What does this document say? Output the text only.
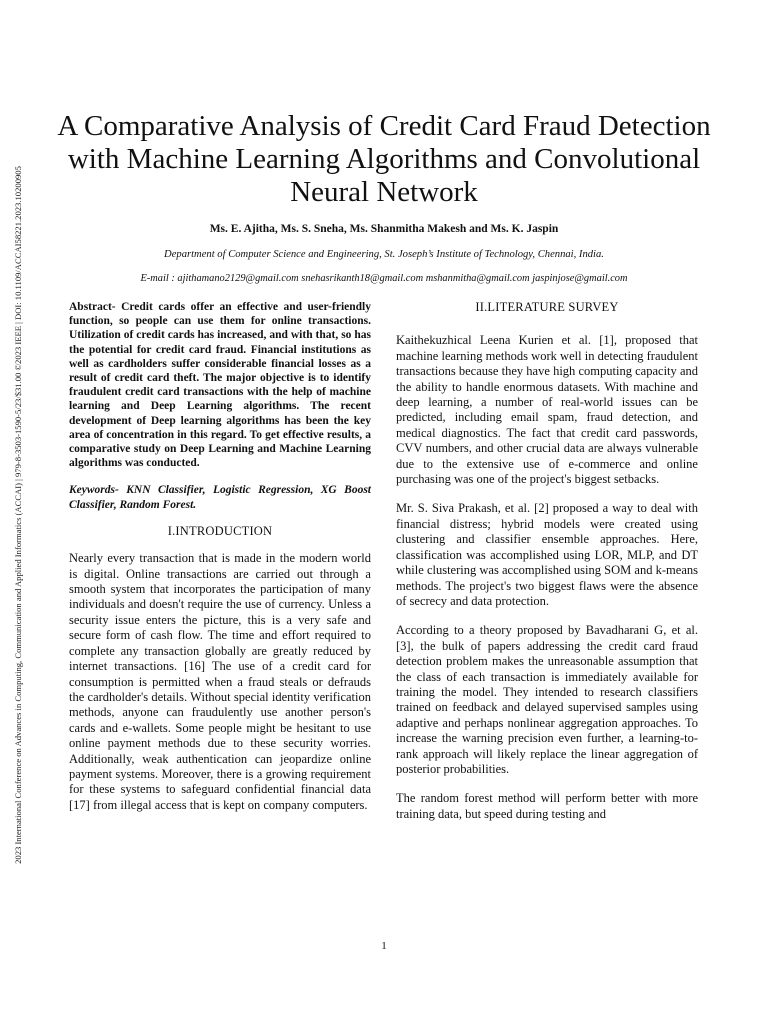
2023 International Conference on Advances in Computing, Communication and Applied Informatics (ACCAI) | 979-8-3503-1590-5/23/$31.00 ©2023 IEEE | DOI: 10.1109/ACCAI58221.2023.10200905
A Comparative Analysis of Credit Card Fraud Detection with Machine Learning Algorithms and Convolutional Neural Network
Ms. E. Ajitha, Ms. S. Sneha, Ms. Shanmitha Makesh and Ms. K. Jaspin
Department of Computer Science and Engineering, St. Joseph’s Institute of Technology, Chennai, India.
E-mail : ajithamano2129@gmail.com snehasrikanth18@gmail.com mshanmitha@gmail.com jaspinjose@gmail.com

Abstract- Credit cards offer an effective and user-friendly function, so people can use them for online transactions. Utilization of credit cards has increased, and with that, so has the potential for credit card fraud. Financial institutions as well as cardholders suffer considerable financial losses as a result of credit card theft. The major objective is to identify fraudulent credit card transactions with the help of machine learning and Deep Learning algorithms. The recent development of Deep learning algorithms has been the key area of concentration in this regard. To get effective results, a comparative study on Deep Learning and Machine Learning algorithms was conducted.

Keywords- KNN Classifier, Logistic Regression, XG Boost Classifier, Random Forest.

I.INTRODUCTION

Nearly every transaction that is made in the modern world is digital. Online transactions are carried out through a smooth system that incorporates the participation of many individuals and doesn't require the use of currency. Unless a security issue enters the picture, this is a very safe and secure form of cash flow. The time and effort required to complete any transaction globally are greatly reduced by internet transactions. [16] The use of a credit card for consumption is permitted when a fraud steals or defrauds the cardholder's details. Without special identity verification methods, anyone can fraudulently use another person's cards and e-wallets. Some people might be hesitant to use online payment methods due to these security worries. Additionally, weak authentication can jeopardize online payment systems. Moreover, there is a growing requirement for these systems to safeguard confidential financial data [17] from illegal access that is kept on company computers.

II.LITERATURE SURVEY

Kaithekuzhical Leena Kurien et al. [1], proposed that machine learning methods work well in detecting fraudulent transactions because they have high computing capacity and the ability to handle enormous datasets. With machine and deep learning, a number of real-world issues can be predicted, including email spam, fraud detection, and medical diagnostics. The fact that credit card passwords, CVV numbers, and other crucial data are always vulnerable due to the extensive use of e-commerce and online purchasing was one of the project's biggest setbacks.

Mr. S. Siva Prakash, et al. [2] proposed a way to deal with financial distress; hybrid models were created using clustering and classifier ensemble approaches. Here, classification was accomplished using LOR, MLP, and DT while clustering was accomplished using SOM and k-means methods. The project's two biggest flaws were the absence of secrecy and data protection.

According to a theory proposed by Bavadharani G, et al. [3], the bulk of papers addressing the credit card fraud detection problem makes the unreasonable assumption that the class of each transaction is immediately available for training the model. They intended to research classifiers trained on feedback and delayed supervised samples using adaptive and perhaps nonlinear aggregation approaches. To increase the warning precision even further, a learning-to-rank approach will likely replace the linear aggregation of posterior probabilities.

The random forest method will perform better with more training data, but speed during testing and

1
